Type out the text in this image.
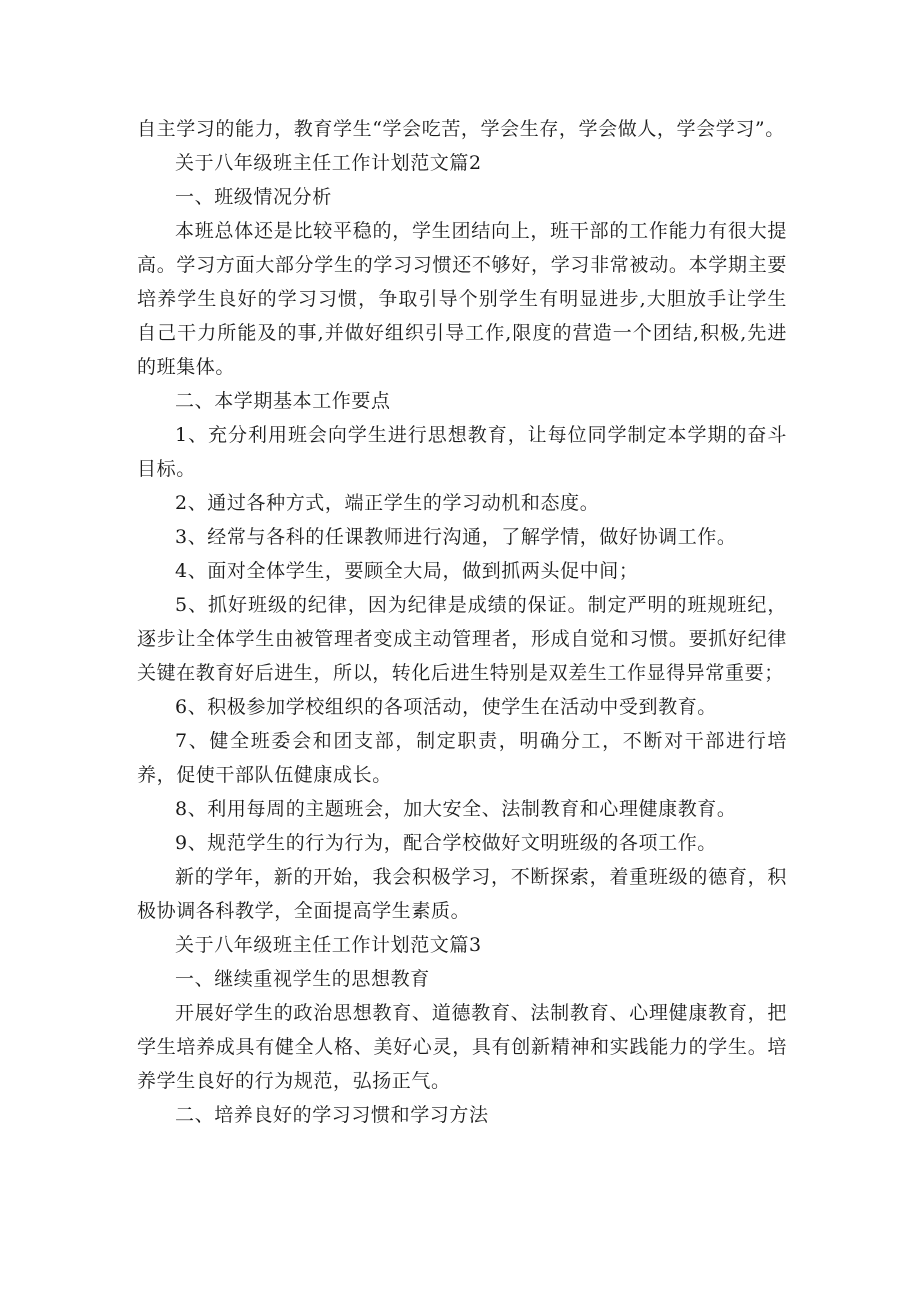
自主学习的能力，教育学生“学会吃苦，学会生存，学会做人，学会学习”。

关于八年级班主任工作计划范文篇2

一、班级情况分析

本班总体还是比较平稳的，学生团结向上，班干部的工作能力有很大提高。学习方面大部分学生的学习习惯还不够好，学习非常被动。本学期主要培养学生良好的学习习惯，争取引导个别学生有明显进步,大胆放手让学生自己干力所能及的事,并做好组织引导工作,限度的营造一个团结,积极,先进的班集体。

二、本学期基本工作要点

1、充分利用班会向学生进行思想教育，让每位同学制定本学期的奋斗目标。

2、通过各种方式，端正学生的学习动机和态度。

3、经常与各科的任课教师进行沟通，了解学情，做好协调工作。

4、面对全体学生，要顾全大局，做到抓两头促中间；

5、抓好班级的纪律，因为纪律是成绩的保证。制定严明的班规班纪，逐步让全体学生由被管理者变成主动管理者，形成自觉和习惯。要抓好纪律关键在教育好后进生，所以，转化后进生特别是双差生工作显得异常重要；

6、积极参加学校组织的各项活动，使学生在活动中受到教育。

7、健全班委会和团支部，制定职责，明确分工，不断对干部进行培养，促使干部队伍健康成长。

8、利用每周的主题班会，加大安全、法制教育和心理健康教育。

9、规范学生的行为行为，配合学校做好文明班级的各项工作。

新的学年，新的开始，我会积极学习，不断探索，着重班级的德育，积极协调各科教学，全面提高学生素质。

关于八年级班主任工作计划范文篇3

一、继续重视学生的思想教育

开展好学生的政治思想教育、道德教育、法制教育、心理健康教育，把学生培养成具有健全人格、美好心灵，具有创新精神和实践能力的学生。培养学生良好的行为规范，弘扬正气。

二、培养良好的学习习惯和学习方法
